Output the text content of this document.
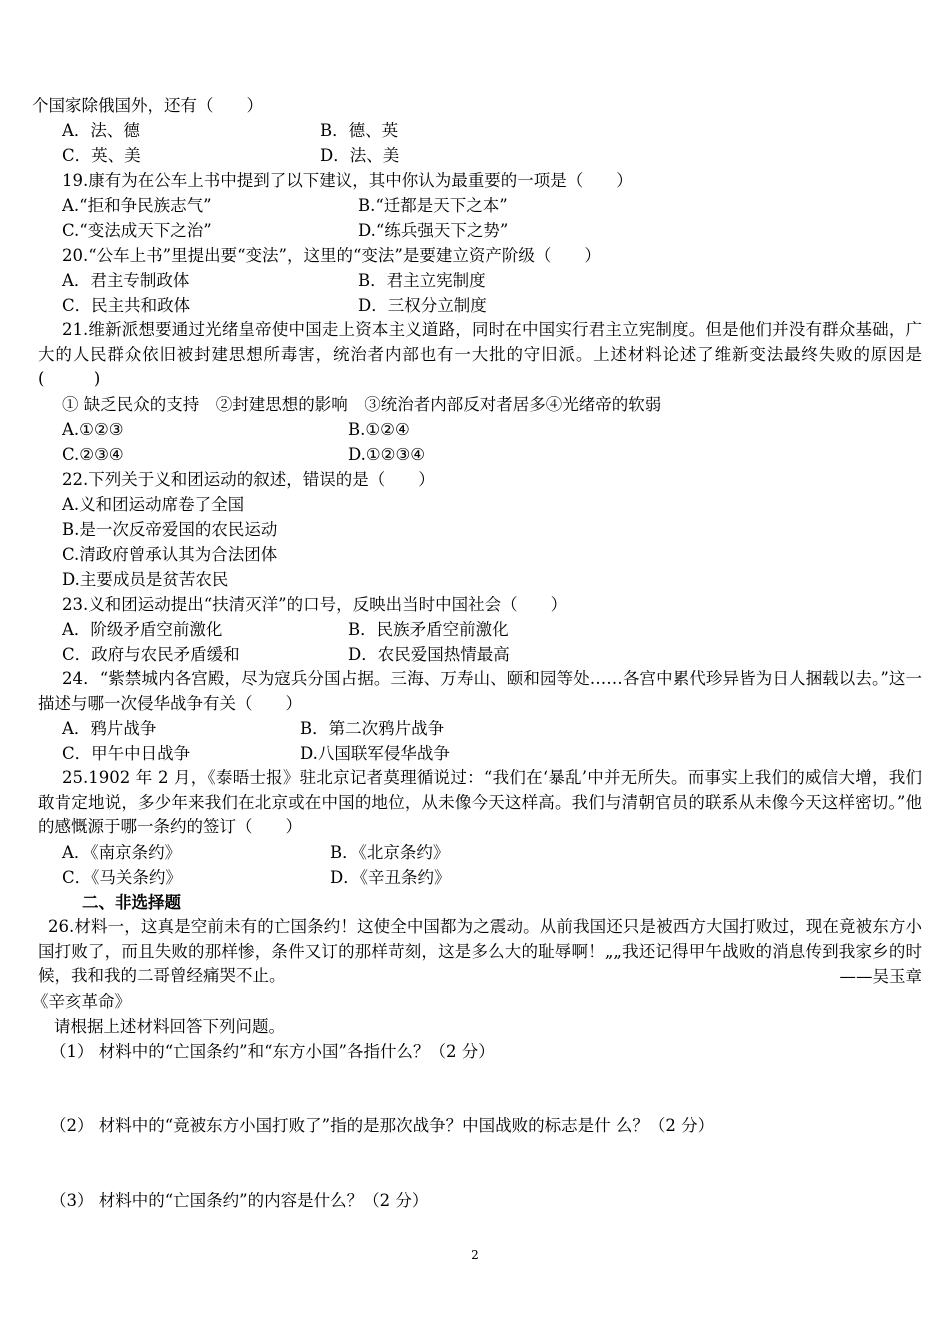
个国家除俄国外，还有（　　）
A．法、德	B．德、英
C．英、美	D．法、美
19.康有为在公车上书中提到了以下建议，其中你认为最重要的一项是（　　）
A.“拒和争民族志气”	B.“迁都是天下之本”
C.“变法成天下之治”	D.“练兵强天下之势”
20.“公车上书”里提出要“变法”，这里的“变法”是要建立资产阶级（　　）
A．君主专制政体	B．君主立宪制度
C．民主共和政体	D．三权分立制度
21.维新派想要通过光绪皇帝使中国走上资本主义道路，同时在中国实行君主立宪制度。但是他们并没有群众基础，广大的人民群众依旧被封建思想所毒害，统治者内部也有一大批的守旧派。上述材料论述了维新变法最终失败的原因是(　　　)
① 缺乏民众的支持　②封建思想的影响　③统治者内部反对者居多④光绪帝的软弱
A.①②③	B.①②④
C.②③④	D.①②③④
22.下列关于义和团运动的叙述，错误的是（　　）
A.义和团运动席卷了全国
B.是一次反帝爱国的农民运动
C.清政府曾承认其为合法团体
D.主要成员是贫苦农民
23.义和团运动提出“扶清灭洋”的口号，反映出当时中国社会（　　）
A．阶级矛盾空前激化	B．民族矛盾空前激化
C．政府与农民矛盾缓和	D．农民爱国热情最高
24．“紫禁城内各宫殿，尽为寇兵分国占据。三海、万寿山、颐和园等处……各宫中累代珍异皆为日人捆载以去。”这一描述与哪一次侵华战争有关（　　）
A．鸦片战争	B．第二次鸦片战争
C．甲午中日战争	D.八国联军侵华战争
25.1902 年 2 月，《泰晤士报》驻北京记者莫理循说过：“我们在‘暴乱’中并无所失。而事实上我们的威信大增，我们敢肯定地说，多少年来我们在北京或在中国的地位，从未像今天这样高。我们与清朝官员的联系从未像今天这样密切。”他的感慨源于哪一条约的签订（　　）
A．《南京条约》	B．《北京条约》
C．《马关条约》	D．《辛丑条约》
二、非选择题
26.材料一，这真是空前未有的亡国条约！这使全中国都为之震动。从前我国还只是被西方大国打败过，现在竟被东方小国打败了，而且失败的那样惨，条件又订的那样苛刻，这是多么大的耻辱啊！„„我还记得甲午战败的消息传到我家乡的时候，我和我的二哥曾经痛哭不止。	——吴玉章
《辛亥革命》
请根据上述材料回答下列问题。
（1） 材料中的“亡国条约”和“东方小国”各指什么？（2 分）
（2） 材料中的“竟被东方小国打败了”指的是那次战争？中国战败的标志是什 么？（2 分）
（3） 材料中的“亡国条约”的内容是什么？（2 分）
2
